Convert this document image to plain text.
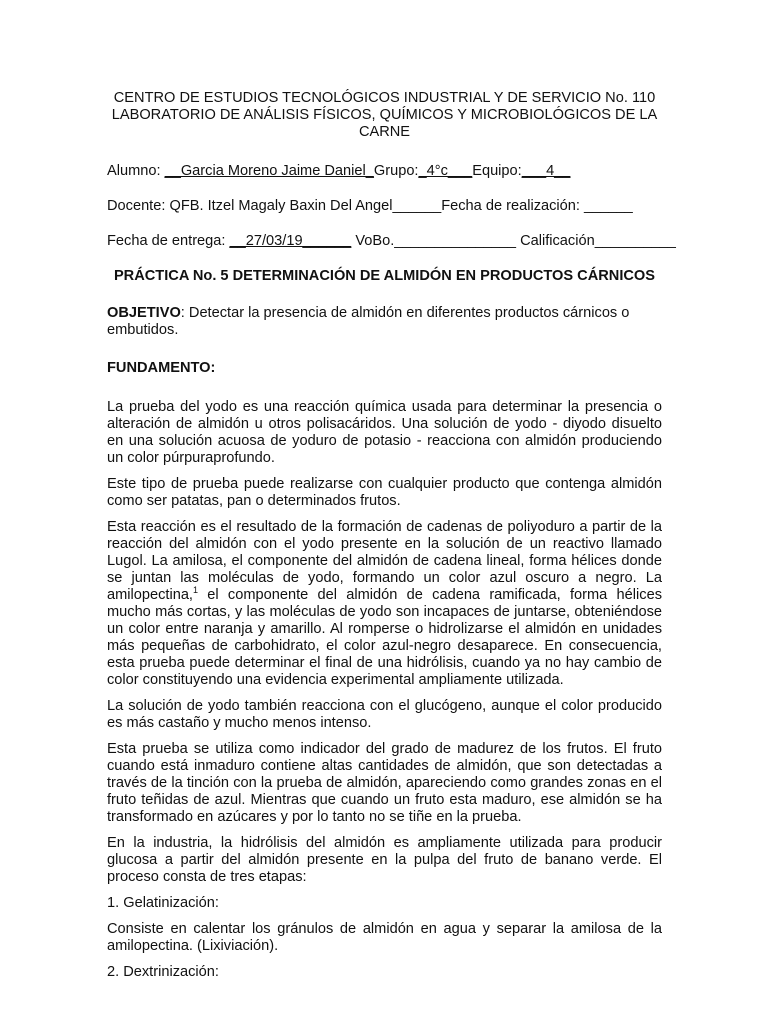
CENTRO DE ESTUDIOS TECNOLÓGICOS INDUSTRIAL Y DE SERVICIO No. 110
LABORATORIO DE ANÁLISIS FÍSICOS, QUÍMICOS Y MICROBIOLÓGICOS DE LA
CARNE
Alumno: __Garcia Moreno Jaime Daniel_Grupo:_4°c___Equipo:___4__
Docente: QFB. Itzel Magaly Baxin Del Angel______Fecha de realización: ______
Fecha de entrega: __27/03/19______ VoBo._______________ Calificación__________
PRÁCTICA No. 5 DETERMINACIÓN DE ALMIDÓN EN PRODUCTOS CÁRNICOS
OBJETIVO: Detectar la presencia de almidón en diferentes productos cárnicos o embutidos.
FUNDAMENTO:

La prueba del yodo es una reacción química usada para determinar la presencia o alteración de almidón u otros polisacáridos. Una solución de yodo - diyodo disuelto en una solución acuosa de yoduro de potasio - reacciona con almidón produciendo un color púrpuraprofundo.

Este tipo de prueba puede realizarse con cualquier producto que contenga almidón como ser patatas, pan o determinados frutos.

Esta reacción es el resultado de la formación de cadenas de poliyoduro a partir de la reacción del almidón con el yodo presente en la solución de un reactivo llamado Lugol. La amilosa, el componente del almidón de cadena lineal, forma hélices donde se juntan las moléculas de yodo, formando un color azul oscuro a negro. La amilopectina,$^1$ el componente del almidón de cadena ramificada, forma hélices mucho más cortas, y las moléculas de yodo son incapaces de juntarse, obteniéndose un color entre naranja y amarillo. Al romperse o hidrolizarse el almidón en unidades más pequeñas de carbohidrato, el color azul-negro desaparece. En consecuencia, esta prueba puede determinar el final de una hidrólisis, cuando ya no hay cambio de color constituyendo una evidencia experimental ampliamente utilizada.

La solución de yodo también reacciona con el glucógeno, aunque el color producido es más castaño y mucho menos intenso.

Esta prueba se utiliza como indicador del grado de madurez de los frutos. El fruto cuando está inmaduro contiene altas cantidades de almidón, que son detectadas a través de la tinción con la prueba de almidón, apareciendo como grandes zonas en el fruto teñidas de azul. Mientras que cuando un fruto esta maduro, ese almidón se ha transformado en azúcares y por lo tanto no se tiñe en la prueba.

En la industria, la hidrólisis del almidón es ampliamente utilizada para producir glucosa a partir del almidón presente en la pulpa del fruto de banano verde. El proceso consta de tres etapas:

1. Gelatinización:

Consiste en calentar los gránulos de almidón en agua y separar la amilosa de la amilopectina. (Lixiviación).

2. Dextrinización:
